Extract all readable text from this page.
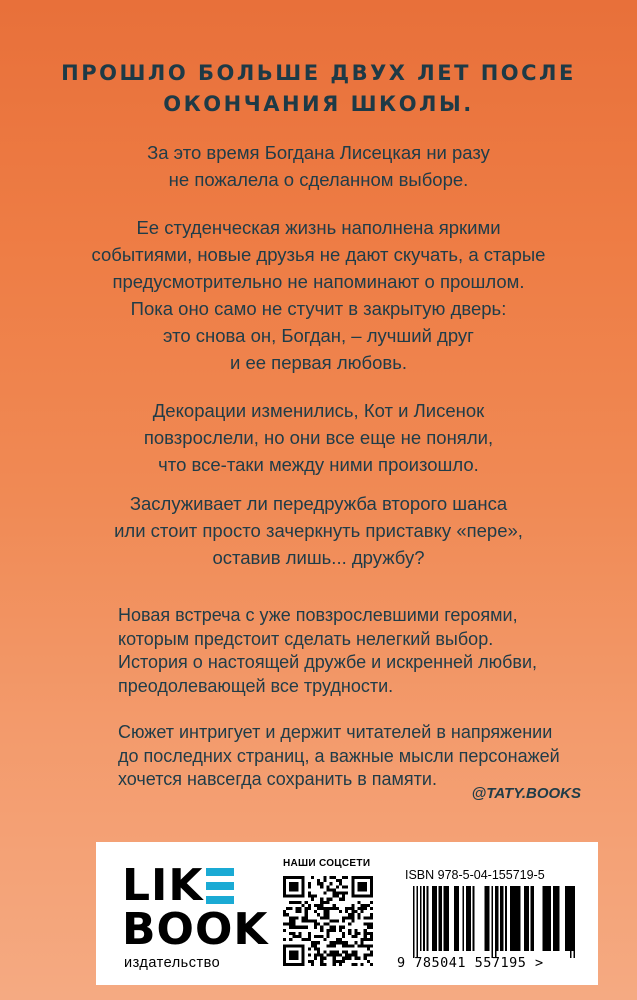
ПРОШЛО БОЛЬШЕ ДВУХ ЛЕТ ПОСЛЕ
ОКОНЧАНИЯ ШКОЛЫ.
За это время Богдана Лисецкая ни разу
не пожалела о сделанном выборе.
Ее студенческая жизнь наполнена яркими
событиями, новые друзья не дают скучать, а старые
предусмотрительно не напоминают о прошлом.
Пока оно само не стучит в закрытую дверь:
это снова он, Богдан, – лучший друг
и ее первая любовь.
Декорации изменились, Кот и Лисенок
повзрослели, но они все еще не поняли,
что все-таки между ними произошло.
Заслуживает ли передружба второго шанса
или стоит просто зачеркнуть приставку «пере»,
оставив лишь... дружбу?
Новая встреча с уже повзрослевшими героями,
которым предстоит сделать нелегкий выбор.
История о настоящей дружбе и искренней любви,
преодолевающей все трудности.
Сюжет интригует и держит читателей в напряжении
до последних страниц, а важные мысли персонажей
хочется навсегда сохранить в памяти.
@TATY.BOOKS
L I K
BOOK
издательство
НАШИ СОЦСЕТИ
ISBN 978-5-04-155719-5
9 785041 557195 >
